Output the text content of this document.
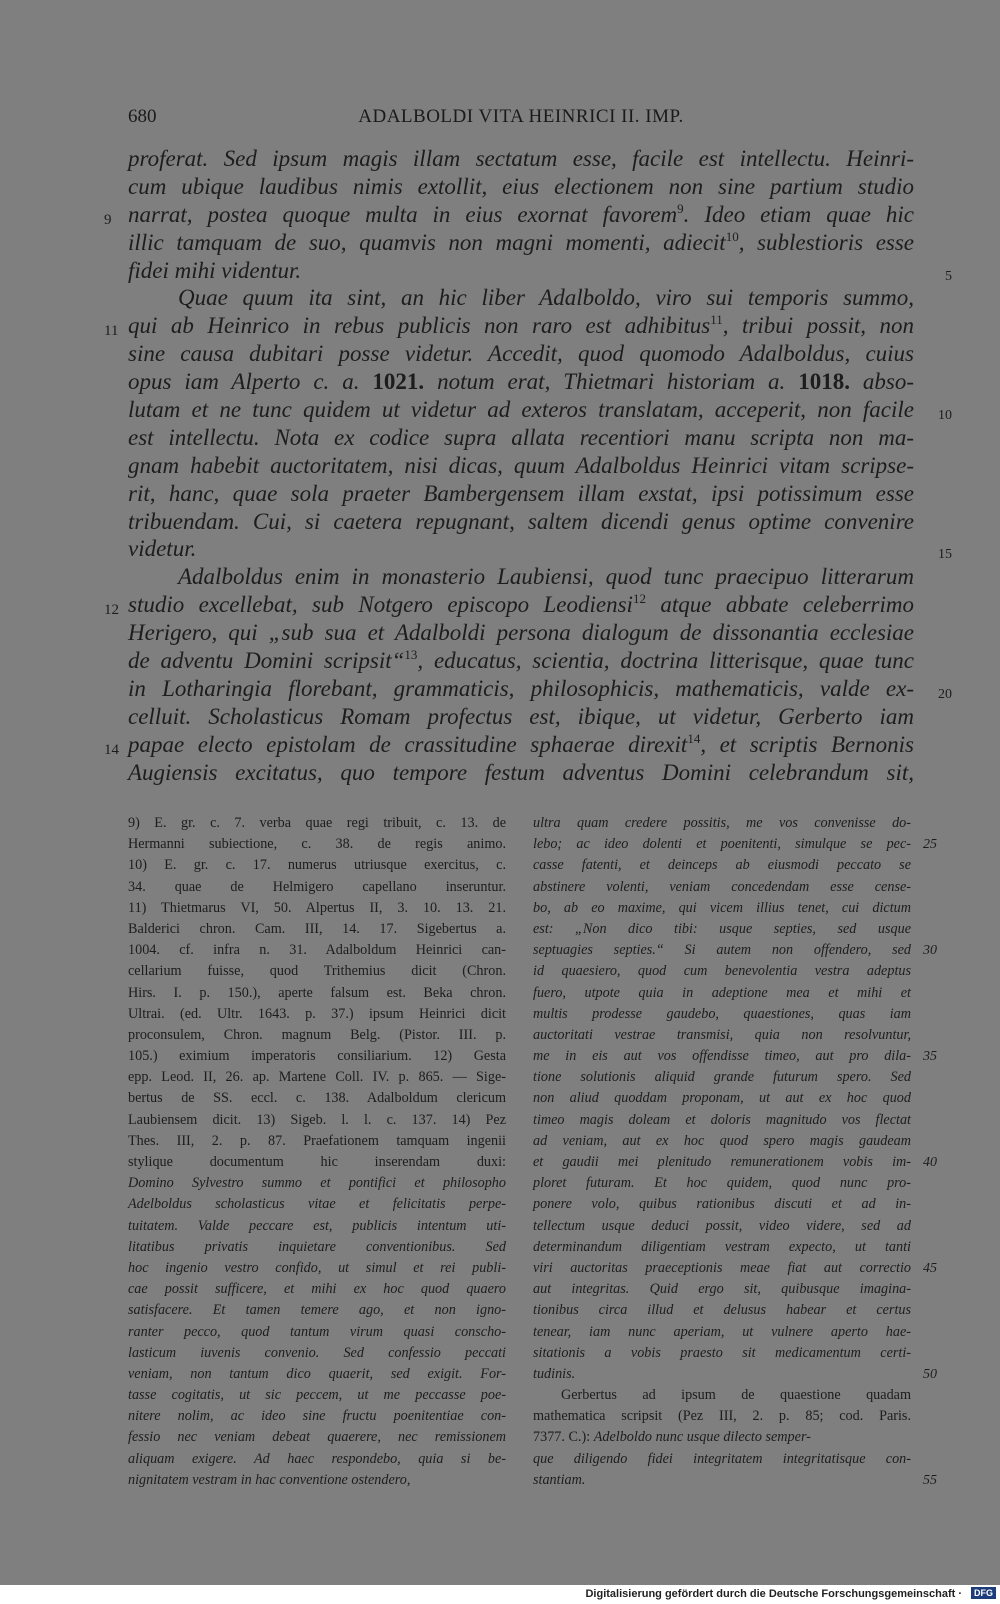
680	ADALBOLDI VITA HEINRICI II. IMP.
proferat. Sed ipsum magis illam sectatum esse, facile est intellectu. Heinri-
cum ubique laudibus nimis extollit, eius electionem non sine partium studio
9 narrat, postea quoque multa in eius exornat favorem$^9$. Ideo etiam quae hic
illic tamquam de suo, quamvis non magni momenti, adiecit$^{10}$, sublestioris esse
fidei mihi videntur.	5
Quae quum ita sint, an hic liber Adalboldo, viro sui temporis summo,
11 qui ab Heinrico in rebus publicis non raro est adhibitus$^{11}$, tribui possit, non
sine causa dubitari posse videtur. Accedit, quod quomodo Adalboldus, cuius
opus iam Alperto c. a. 1021. notum erat, Thietmari historiam a. 1018. abso-
lutam et ne tunc quidem ut videtur ad exteros translatam, acceperit, non facile 10
est intellectu. Nota ex codice supra allata recentiori manu scripta non ma-
gnam habebit auctoritatem, nisi dicas, quum Adalboldus Heinrici vitam scripse-
rit, hanc, quae sola praeter Bambergensem illam exstat, ipsi potissimum esse
tribuendam. Cui, si caetera repugnant, saltem dicendi genus optime convenire
videtur.	15
Adalboldus enim in monasterio Laubiensi, quod tunc praecipuo litterarum
12 studio excellebat, sub Notgero episcopo Leodiensi$^{12}$ atque abbate celeberrimo
Herigero, qui „sub sua et Adalboldi persona dialogum de dissonantia ecclesiae
de adventu Domini scripsit“$^{13}$, educatus, scientia, doctrina litterisque, quae tunc
in Lotharingia florebant, grammaticis, philosophicis, mathematicis, valde ex- 20
celluit. Scholasticus Romam profectus est, ibique, ut videtur, Gerberto iam
14 papae electo epistolam de crassitudine sphaerae direxit$^{14}$, et scriptis Bernonis
Augiensis excitatus, quo tempore festum adventus Domini celebrandum sit,
9) E. gr. c. 7. verba quae regi tribuit, c. 13. de
Hermanni subiectione, c. 38. de regis animo.
10) E. gr. c. 17. numerus utriusque exercitus, c.
34. quae de Helmigero capellano inseruntur.
11) Thietmarus VI, 50. Alpertus II, 3. 10. 13. 21.
Balderici chron. Cam. III, 14. 17. Sigebertus a.
1004. cf. infra n. 31. Adalboldum Heinrici can-
cellarium fuisse, quod Trithemius dicit (Chron.
Hirs. I. p. 150.), aperte falsum est. Beka chron.
Ultrai. (ed. Ultr. 1643. p. 37.) ipsum Heinrici dicit
proconsulem, Chron. magnum Belg. (Pistor. III. p.
105.) eximium imperatoris consiliarium. 12) Gesta
epp. Leod. II, 26. ap. Martene Coll. IV. p. 865. — Sige-
bertus de SS. eccl. c. 138. Adalboldum clericum
Laubiensem dicit. 13) Sigeb. l. l. c. 137. 14) Pez
Thes. III, 2. p. 87. Praefationem tamquam ingenii
stylique documentum hic inserendam duxi:
Domino Sylvestro summo et pontifici et philosopho
Adelboldus scholasticus vitae et felicitatis perpe-
tuitatem. Valde peccare est, publicis intentum uti-
litatibus privatis inquietare conventionibus. Sed
hoc ingenio vestro confido, ut simul et rei publi-
cae possit sufficere, et mihi ex hoc quod quaero
satisfacere. Et tamen temere ago, et non igno-
ranter pecco, quod tantum virum quasi conscho-
lasticum iuvenis convenio. Sed confessio peccati
veniam, non tantum dico quaerit, sed exigit. For-
tasse cogitatis, ut sic peccem, ut me peccasse poe-
nitere nolim, ac ideo sine fructu poenitentiae con-
fessio nec veniam debeat quaerere, nec remissionem
aliquam exigere. Ad haec respondebo, quia si be-
nignitatem vestram in hac conventione ostendero,
ultra quam credere possitis, me vos convenisse do-
lebo; ac ideo dolenti et poenitenti, simulque se pec- 25
casse fatenti, et deinceps ab eiusmodi peccato se
abstinere volenti, veniam concedendam esse cense-
bo, ab eo maxime, qui vicem illius tenet, cui dictum
est: „Non dico tibi: usque septies, sed usque
septuagies septies.“ Si autem non offendero, sed 30
id quaesiero, quod cum benevolentia vestra adeptus
fuero, utpote quia in adeptione mea et mihi et
multis prodesse gaudebo, quaestiones, quas iam
auctoritati vestrae transmisi, quia non resolvuntur,
me in eis aut vos offendisse timeo, aut pro dila- 35
tione solutionis aliquid grande futurum spero. Sed
non aliud quoddam proponam, ut aut ex hoc quod
timeo magis doleam et doloris magnitudo vos flectat
ad veniam, aut ex hoc quod spero magis gaudeam
et gaudii mei plenitudo remunerationem vobis im- 40
ploret futuram. Et hoc quidem, quod nunc pro-
ponere volo, quibus rationibus discuti et ad in-
tellectum usque deduci possit, video videre, sed ad
determinandum diligentiam vestram expecto, ut tanti
viri auctoritas praeceptionis meae fiat aut correctio 45
aut integritas. Quid ergo sit, quibusque imagina-
tionibus circa illud et delusus habear et certus
tenear, iam nunc aperiam, ut vulnere aperto hae-
sitationis a vobis praesto sit medicamentum certi-
tudinis.	50
Gerbertus ad ipsum de quaestione quadam
mathematica scripsit (Pez III, 2. p. 85; cod. Paris.
7377. C.): Adelboldo nunc usque dilecto semper-
que diligendo fidei integritatem integritatisque con-
stantiam.	55
Digitalisierung gefördert durch die Deutsche Forschungsgemeinschaft ·	DFG
